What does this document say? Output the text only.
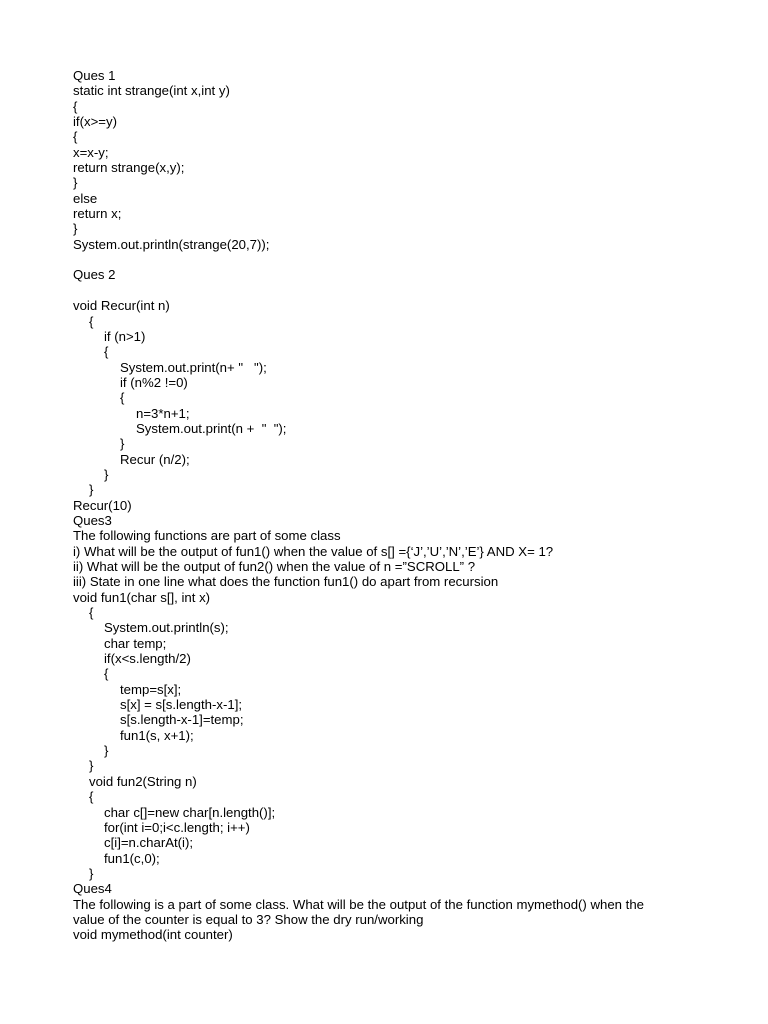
Ques 1
static int strange(int x,int y)
{
if(x>=y)
{
x=x-y;
return strange(x,y);
}
else
return x;
}
System.out.println(strange(20,7));
Ques 2
void Recur(int n)
{
if (n>1)
{
System.out.print(n+ "   ");
if (n%2 !=0)
{
n=3*n+1;
System.out.print(n +  "  ");
}
Recur (n/2);
}
}
Recur(10)
Ques3
The following functions are part of some class
i) What will be the output of fun1() when the value of s[] ={‘J’,’U’,’N’,’E’} AND X= 1?
ii) What will be the output of fun2() when the value of n =”SCROLL” ?
iii) State in one line what does the function fun1() do apart from recursion
void fun1(char s[], int x)
{
System.out.println(s);
char temp;
if(x<s.length/2)
{
temp=s[x];
s[x] = s[s.length-x-1];
s[s.length-x-1]=temp;
fun1(s, x+1);
}
}
void fun2(String n)
{
char c[]=new char[n.length()];
for(int i=0;i<c.length; i++)
c[i]=n.charAt(i);
fun1(c,0);
}
Ques4
The following is a part of some class. What will be the output of the function mymethod() when the
value of the counter is equal to 3? Show the dry run/working
void mymethod(int counter)
